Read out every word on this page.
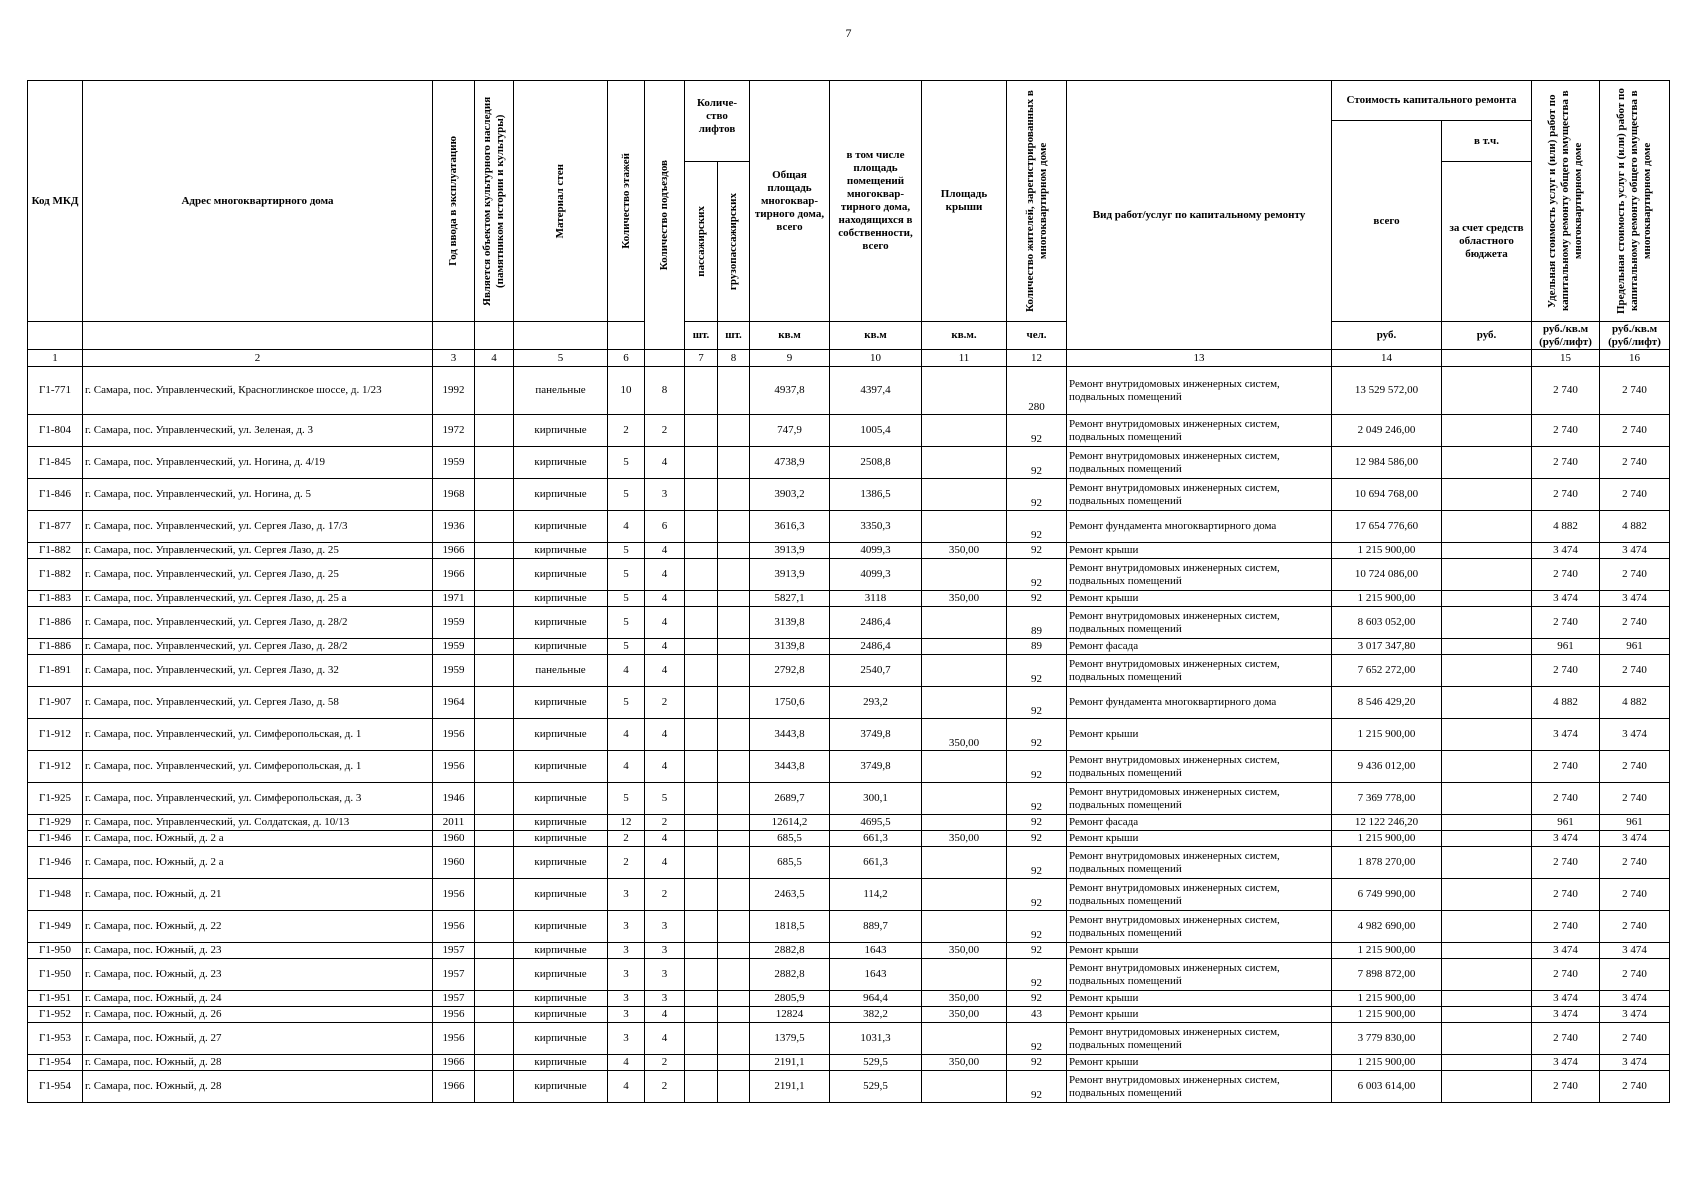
7
Код МКД	Адрес многоквартирного дома	Год ввода в эксплуатацию	Является объектом культурного наследия (памятником истории и культуры)	Материал стен	Количество этажей	Количество подъездов	Количе-ство лифтов		Общая площадь многоквар-тирного дома, всего	в том числе площадь помещений многоквар-тирного дома, находящихся в собственности, всего	Площадь крыши	Количество жителей, зарегистрированных в многоквартирном доме	Вид работ/услуг по капитальному ремонту	Стоимость капитального ремонта		Удельная стоимость услуг и (или) работ по капитальному ремонту общего имущества в многоквартирном доме	Предельная стоимость услуг и (или) работ по капитальному ремонту общего имущества в многоквартирном доме

														всего	в т.ч.		

							пассажирских	грузопассажирских							за счет средств областного бюджета		
							шт.	шт.	кв.м	кв.м	кв.м.	чел.		руб.	руб.	руб./кв.м (руб/лифт)	руб./кв.м (руб/лифт)
1	2	3	4	5	6		7	8	9	10	11	12	13	14		15	16
Г1-771	г. Самара, пос. Управленческий, Красноглинское шоссе, д. 1/23	1992		панельные	10	8			4937,8	4397,4		280	Ремонт внутридомовых инженерных систем, подвальных помещений	13 529 572,00		2 740	2 740
Г1-804	г. Самара, пос. Управленческий, ул. Зеленая, д. 3	1972		кирпичные	2	2			747,9	1005,4		92	Ремонт внутридомовых инженерных систем, подвальных помещений	2 049 246,00		2 740	2 740
Г1-845	г. Самара, пос. Управленческий, ул. Ногина, д. 4/19	1959		кирпичные	5	4			4738,9	2508,8		92	Ремонт внутридомовых инженерных систем, подвальных помещений	12 984 586,00		2 740	2 740
Г1-846	г. Самара, пос. Управленческий, ул. Ногина, д. 5	1968		кирпичные	5	3			3903,2	1386,5		92	Ремонт внутридомовых инженерных систем, подвальных помещений	10 694 768,00		2 740	2 740
Г1-877	г. Самара, пос. Управленческий, ул. Сергея Лазо, д. 17/3	1936		кирпичные	4	6			3616,3	3350,3		92	Ремонт фундамента многоквартирного дома	17 654 776,60		4 882	4 882
Г1-882	г. Самара, пос. Управленческий, ул. Сергея Лазо, д. 25	1966		кирпичные	5	4			3913,9	4099,3	350,00	92	Ремонт крыши	1 215 900,00		3 474	3 474
Г1-882	г. Самара, пос. Управленческий, ул. Сергея Лазо, д. 25	1966		кирпичные	5	4			3913,9	4099,3		92	Ремонт внутридомовых инженерных систем, подвальных помещений	10 724 086,00		2 740	2 740
Г1-883	г. Самара, пос. Управленческий, ул. Сергея Лазо, д. 25 а	1971		кирпичные	5	4			5827,1	3118	350,00	92	Ремонт крыши	1 215 900,00		3 474	3 474
Г1-886	г. Самара, пос. Управленческий, ул. Сергея Лазо, д. 28/2	1959		кирпичные	5	4			3139,8	2486,4		89	Ремонт внутридомовых инженерных систем, подвальных помещений	8 603 052,00		2 740	2 740
Г1-886	г. Самара, пос. Управленческий, ул. Сергея Лазо, д. 28/2	1959		кирпичные	5	4			3139,8	2486,4		89	Ремонт фасада	3 017 347,80		961	961
Г1-891	г. Самара, пос. Управленческий, ул. Сергея Лазо, д. 32	1959		панельные	4	4			2792,8	2540,7		92	Ремонт внутридомовых инженерных систем, подвальных помещений	7 652 272,00		2 740	2 740
Г1-907	г. Самара, пос. Управленческий, ул. Сергея Лазо, д. 58	1964		кирпичные	5	2			1750,6	293,2		92	Ремонт фундамента многоквартирного дома	8 546 429,20		4 882	4 882
Г1-912	г. Самара, пос. Управленческий, ул. Симферопольская, д. 1	1956		кирпичные	4	4			3443,8	3749,8	350,00	92	Ремонт крыши	1 215 900,00		3 474	3 474
Г1-912	г. Самара, пос. Управленческий, ул. Симферопольская, д. 1	1956		кирпичные	4	4			3443,8	3749,8		92	Ремонт внутридомовых инженерных систем, подвальных помещений	9 436 012,00		2 740	2 740
Г1-925	г. Самара, пос. Управленческий, ул. Симферопольская, д. 3	1946		кирпичные	5	5			2689,7	300,1		92	Ремонт внутридомовых инженерных систем, подвальных помещений	7 369 778,00		2 740	2 740
Г1-929	г. Самара, пос. Управленческий, ул. Солдатская, д. 10/13	2011		кирпичные	12	2			12614,2	4695,5		92	Ремонт фасада	12 122 246,20		961	961
Г1-946	г. Самара, пос. Южный, д. 2 а	1960		кирпичные	2	4			685,5	661,3	350,00	92	Ремонт крыши	1 215 900,00		3 474	3 474
Г1-946	г. Самара, пос. Южный, д. 2 а	1960		кирпичные	2	4			685,5	661,3		92	Ремонт внутридомовых инженерных систем, подвальных помещений	1 878 270,00		2 740	2 740
Г1-948	г. Самара, пос. Южный, д. 21	1956		кирпичные	3	2			2463,5	114,2		92	Ремонт внутридомовых инженерных систем, подвальных помещений	6 749 990,00		2 740	2 740
Г1-949	г. Самара, пос. Южный, д. 22	1956		кирпичные	3	3			1818,5	889,7		92	Ремонт внутридомовых инженерных систем, подвальных помещений	4 982 690,00		2 740	2 740
Г1-950	г. Самара, пос. Южный, д. 23	1957		кирпичные	3	3			2882,8	1643	350,00	92	Ремонт крыши	1 215 900,00		3 474	3 474
Г1-950	г. Самара, пос. Южный, д. 23	1957		кирпичные	3	3			2882,8	1643		92	Ремонт внутридомовых инженерных систем, подвальных помещений	7 898 872,00		2 740	2 740
Г1-951	г. Самара, пос. Южный, д. 24	1957		кирпичные	3	3			2805,9	964,4	350,00	92	Ремонт крыши	1 215 900,00		3 474	3 474
Г1-952	г. Самара, пос. Южный, д. 26	1956		кирпичные	3	4			12824	382,2	350,00	43	Ремонт крыши	1 215 900,00		3 474	3 474
Г1-953	г. Самара, пос. Южный, д. 27	1956		кирпичные	3	4			1379,5	1031,3		92	Ремонт внутридомовых инженерных систем, подвальных помещений	3 779 830,00		2 740	2 740
Г1-954	г. Самара, пос. Южный, д. 28	1966		кирпичные	4	2			2191,1	529,5	350,00	92	Ремонт крыши	1 215 900,00		3 474	3 474
Г1-954	г. Самара, пос. Южный, д. 28	1966		кирпичные	4	2			2191,1	529,5		92	Ремонт внутридомовых инженерных систем, подвальных помещений	6 003 614,00		2 740	2 740
